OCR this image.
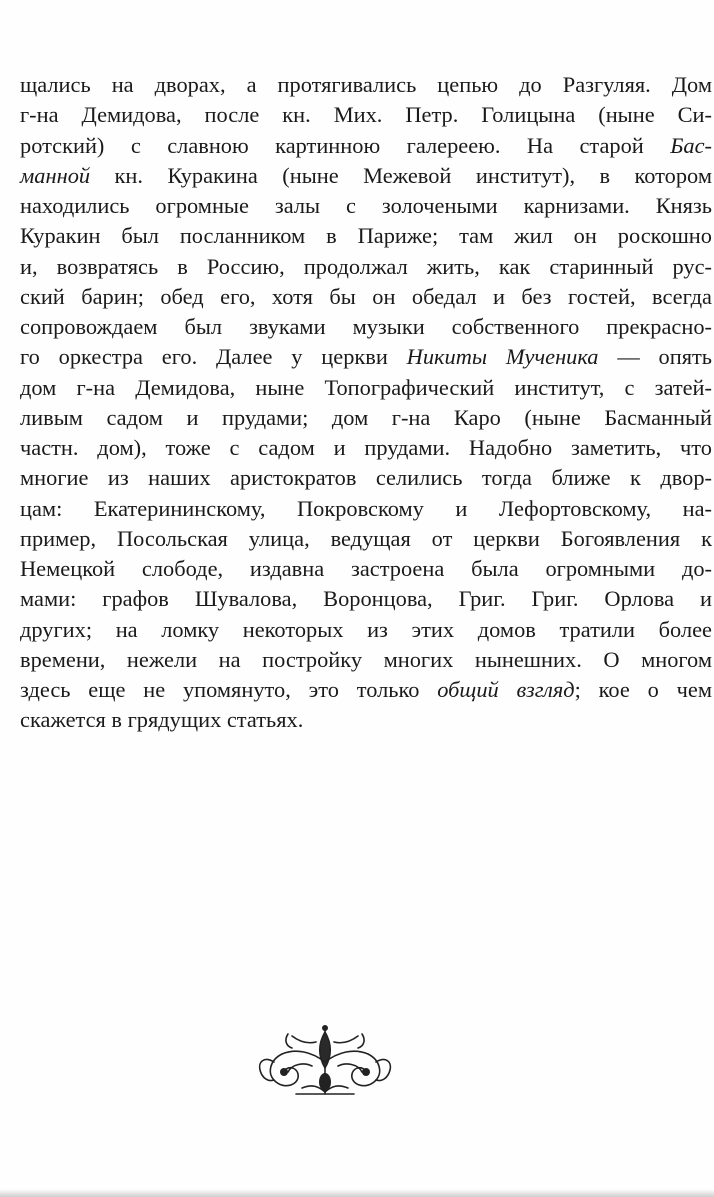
щались на дворах, а протягивались цепью до Разгуляя. Дом
г-на Демидова, после кн. Мих. Петр. Голицына (ныне Си-
ротский) с славною картинною галереею. На старой Бас-
манной кн. Куракина (ныне Межевой институт), в котором
находились огромные залы с золочеными карнизами. Князь
Куракин был посланником в Париже; там жил он роскошно
и, возвратясь в Россию, продолжал жить, как старинный рус-
ский барин; обед его, хотя бы он обедал и без гостей, всегда
сопровождаем был звуками музыки собственного прекрасно-
го оркестра его. Далее у церкви Никиты Мученика — опять
дом г-на Демидова, ныне Топографический институт, с затей-
ливым садом и прудами; дом г-на Каро (ныне Басманный
частн. дом), тоже с садом и прудами. Надобно заметить, что
многие из наших аристократов селились тогда ближе к двор-
цам: Екатерининскому, Покровскому и Лефортовскому, на-
пример, Посольская улица, ведущая от церкви Богоявления к
Немецкой слободе, издавна застроена была огромными до-
мами: графов Шувалова, Воронцова, Григ. Григ. Орлова и
других; на ломку некоторых из этих домов тратили более
времени, нежели на постройку многих нынешних. О многом
здесь еще не упомянуто, это только общий взгляд; кое о чем
скажется в грядущих статьях.
